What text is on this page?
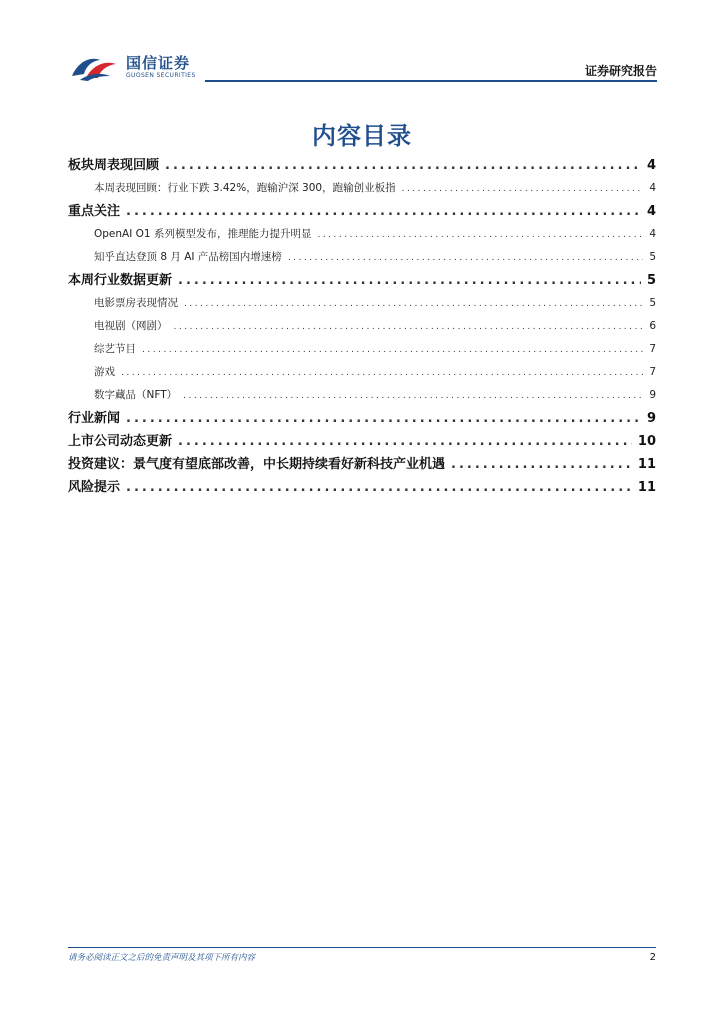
国信证券
GUOSEN SECURITIES	证券研究报告
内容目录
板块周表现回顾 .....	4
本周表现回顾：行业下跌 3.42%，跑输沪深 300，跑输创业板指 .....	4
重点关注 .....	4
OpenAI O1 系列模型发布，推理能力提升明显 .....	4
知乎直达登顶 8 月 AI 产品榜国内增速榜 .....	5
本周行业数据更新 .....	5
电影票房表现情况 .....	5
电视剧（网剧） .....	6
综艺节目 .....	7
游戏 .....	7
数字藏品（NFT） .....	9
行业新闻 .....	9
上市公司动态更新 .....	10
投资建议：景气度有望底部改善，中长期持续看好新科技产业机遇 .....	11
风险提示 .....	11
请务必阅读正文之后的免责声明及其项下所有内容	2
